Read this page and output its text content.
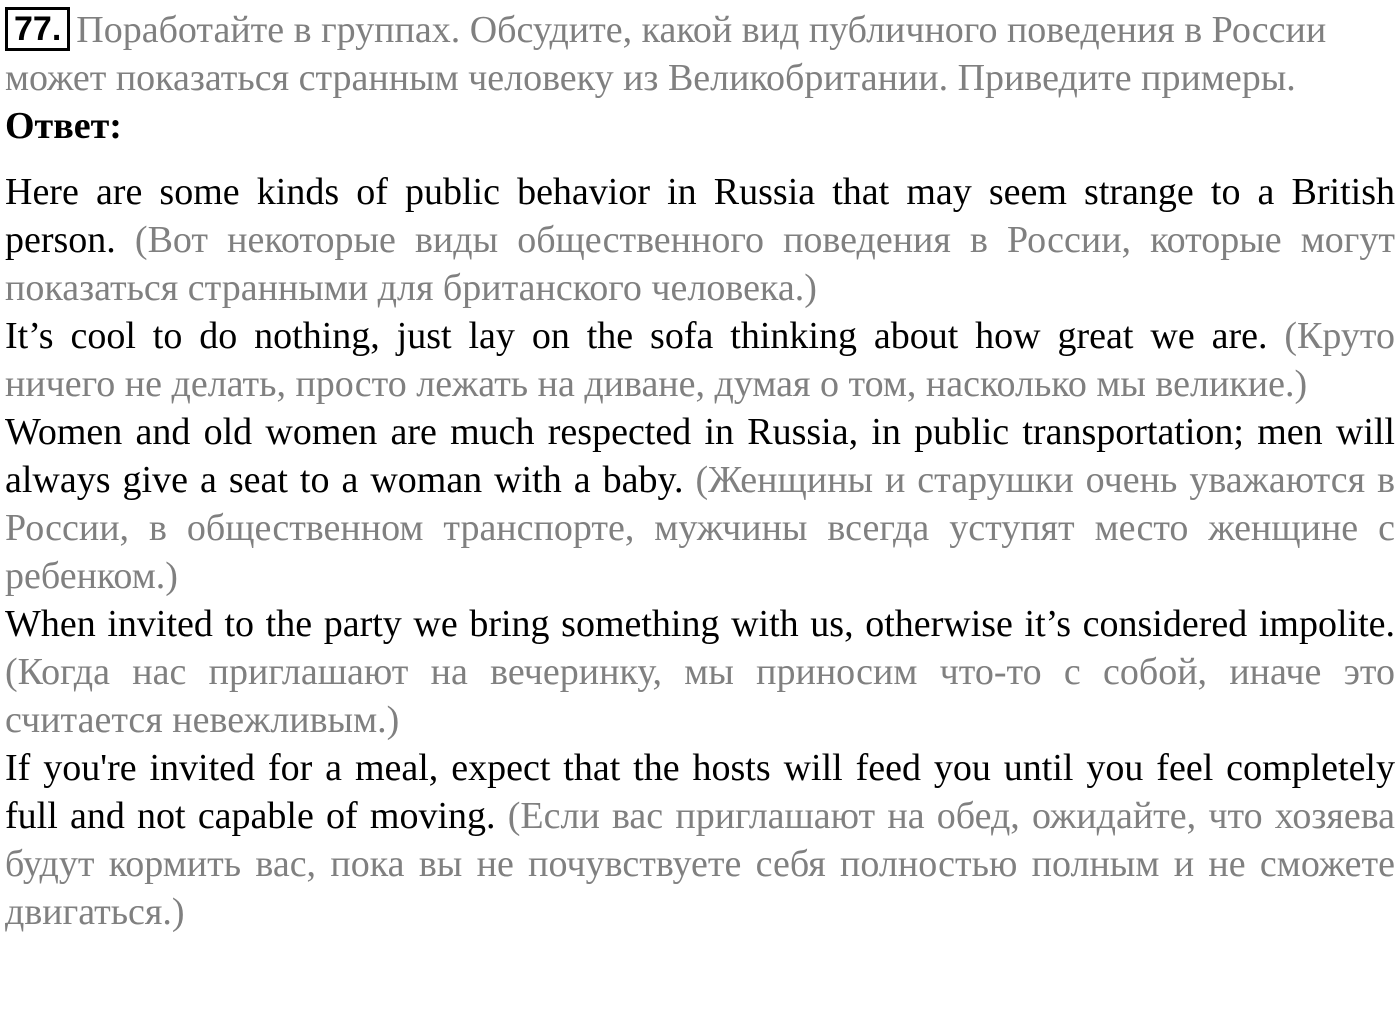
77. Поработайте в группах. Обсудите, какой вид публичного поведения в России может показаться странным человеку из Великобритании. Приведите примеры.
Ответ:
Here are some kinds of public behavior in Russia that may seem strange to a British person. (Вот некоторые виды общественного поведения в России, которые могут показаться странными для британского человека.)
It’s cool to do nothing, just lay on the sofa thinking about how great we are. (Круто ничего не делать, просто лежать на диване, думая о том, насколько мы великие.)
Women and old women are much respected in Russia, in public transportation; men will always give a seat to a woman with a baby. (Женщины и старушки очень уважаются в России, в общественном транспорте, мужчины всегда уступят место женщине с ребенком.)
When invited to the party we bring something with us, otherwise it’s considered impolite. (Когда нас приглашают на вечеринку, мы приносим что-то с собой, иначе это считается невежливым.)
If you're invited for a meal, expect that the hosts will feed you until you feel completely full and not capable of moving. (Если вас приглашают на обед, ожидайте, что хозяева будут кормить вас, пока вы не почувствуете себя полностью полным и не сможете двигаться.)
